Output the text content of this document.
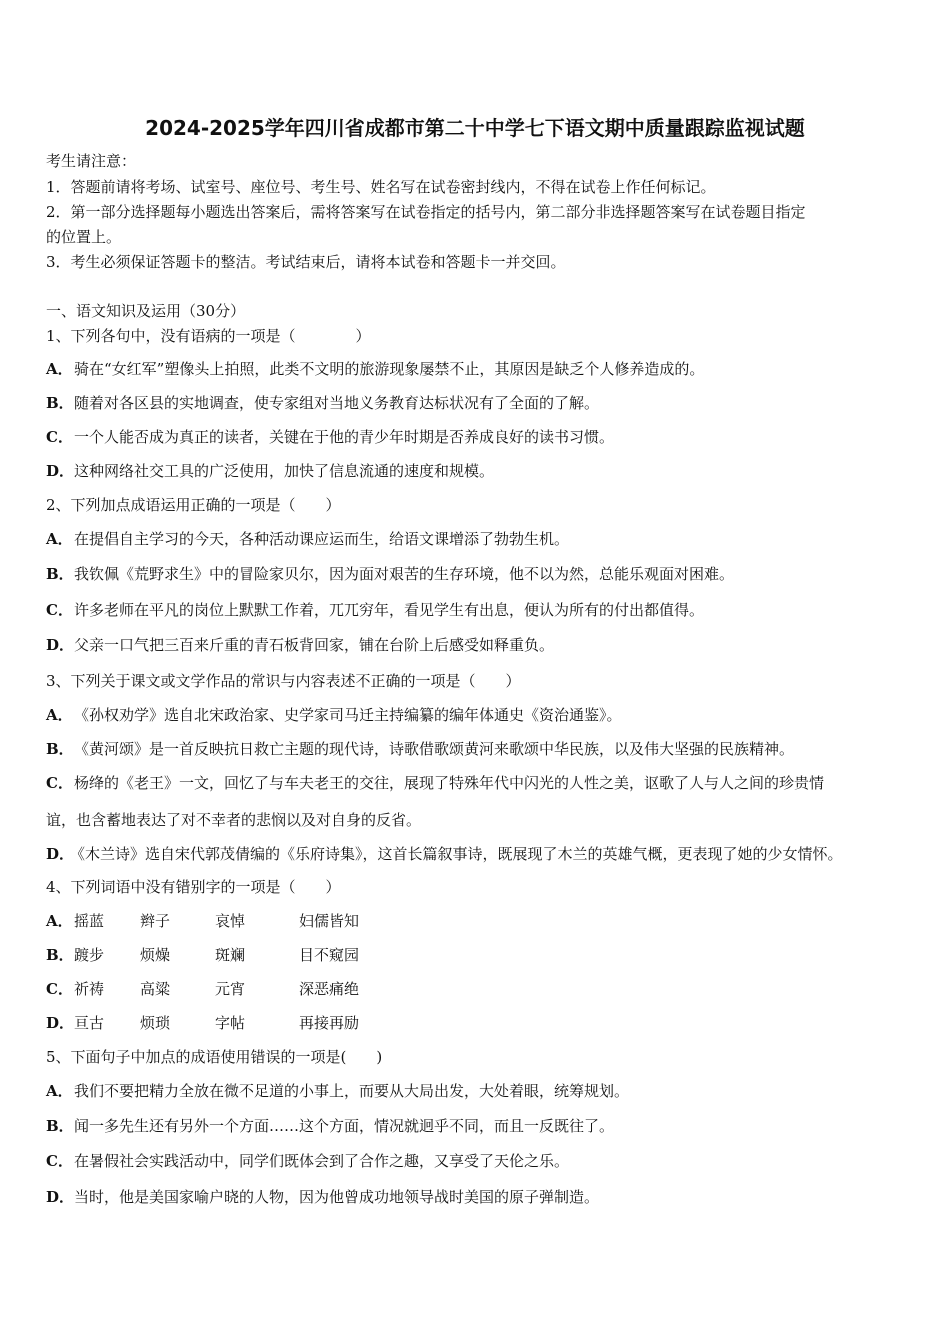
2024-2025学年四川省成都市第二十中学七下语文期中质量跟踪监视试题
考生请注意：
1．答题前请将考场、试室号、座位号、考生号、姓名写在试卷密封线内，不得在试卷上作任何标记。
2．第一部分选择题每小题选出答案后，需将答案写在试卷指定的括号内，第二部分非选择题答案写在试卷题目指定
的位置上。
3．考生必须保证答题卡的整洁。考试结束后，请将本试卷和答题卡一并交回。
一、语文知识及运用（30分）
1、下列各句中，没有语病的一项是（　　　　）
A．骑在“女红军”塑像头上拍照，此类不文明的旅游现象屡禁不止，其原因是缺乏个人修养造成的。
B．随着对各区县的实地调查，使专家组对当地义务教育达标状况有了全面的了解。
C．一个人能否成为真正的读者，关键在于他的青少年时期是否养成良好的读书习惯。
D．这种网络社交工具的广泛使用，加快了信息流通的速度和规模。
2、下列加点成语运用正确的一项是（　　）
A．在提倡自主学习的今天，各种活动课应运而生，给语文课增添了勃勃生机。
B．我钦佩《荒野求生》中的冒险家贝尔，因为面对艰苦的生存环境，他不以为然，总能乐观面对困难。
C．许多老师在平凡的岗位上默默工作着，兀兀穷年，看见学生有出息，便认为所有的付出都值得。
D．父亲一口气把三百来斤重的青石板背回家，铺在台阶上后感受如释重负。
3、下列关于课文或文学作品的常识与内容表述不正确的一项是（　　）
A．《孙权劝学》选自北宋政治家、史学家司马迁主持编纂的编年体通史《资治通鉴》。
B．《黄河颂》是一首反映抗日救亡主题的现代诗，诗歌借歌颂黄河来歌颂中华民族，以及伟大坚强的民族精神。
C．杨绛的《老王》一文，回忆了与车夫老王的交往，展现了特殊年代中闪光的人性之美，讴歌了人与人之间的珍贵情
谊，也含蓄地表达了对不幸者的悲悯以及对自身的反省。
D．《木兰诗》选自宋代郭茂倩编的《乐府诗集》，这首长篇叙事诗，既展现了木兰的英雄气概，更表现了她的少女情怀。
4、下列词语中没有错别字的一项是（　　）
A．摇蓝 辫子	哀悼	妇儒皆知
B．踱步 烦燥	斑斓	目不窥园
C．祈祷 高粱	元宵	深恶痛绝
D．亘古 烦琐	字帖	再接再励
5、下面句子中加点的成语使用错误的一项是(　　)
A．我们不要把精力全放在微不足道的小事上，而要从大局出发，大处着眼，统筹规划。
B．闻一多先生还有另外一个方面……这个方面，情况就迥乎不同，而且一反既往了。
C．在暑假社会实践活动中，同学们既体会到了合作之趣，又享受了天伦之乐。
D．当时，他是美国家喻户晓的人物，因为他曾成功地领导战时美国的原子弹制造。
